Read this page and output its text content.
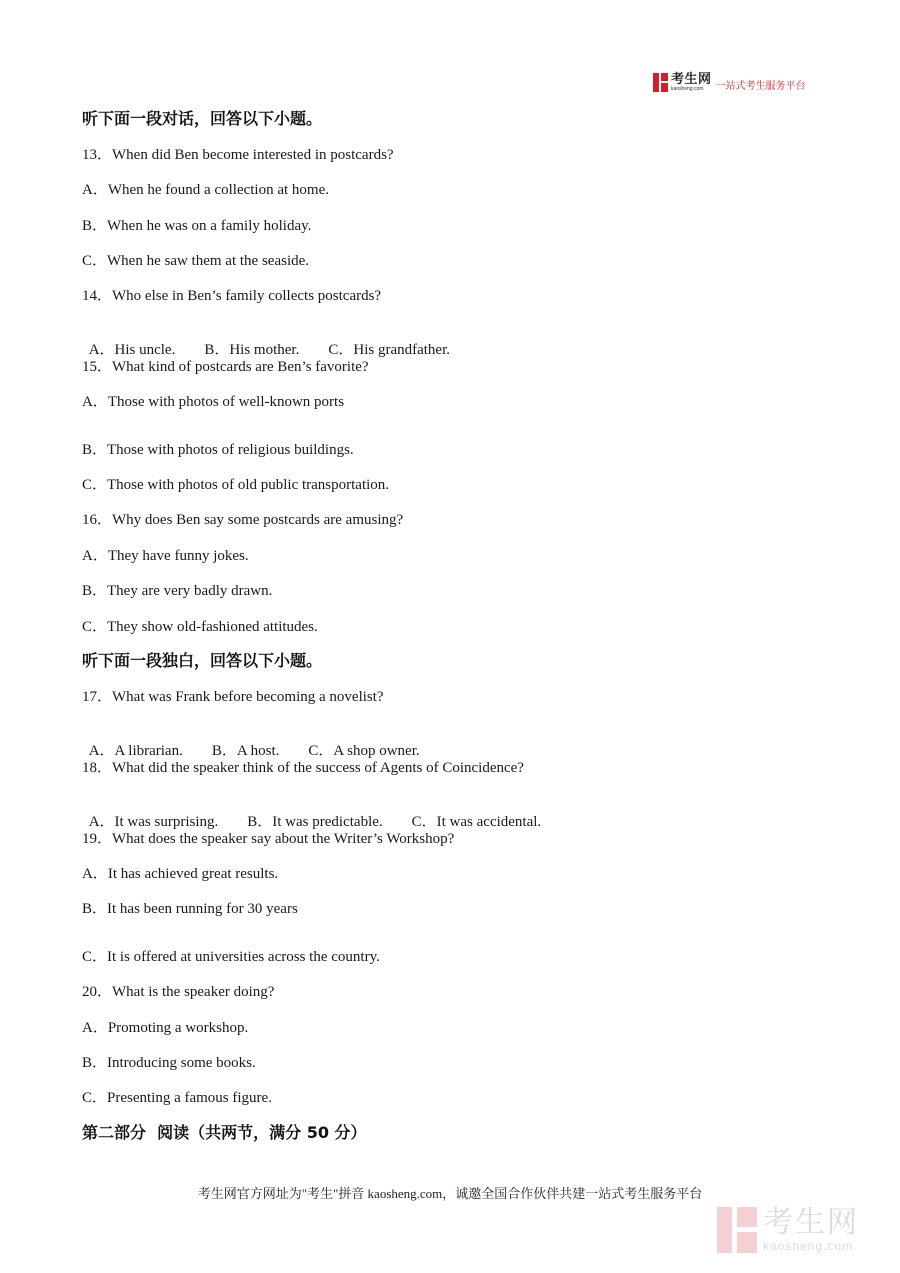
考生网
kaosheng.com	一站式考生服务平台
听下面一段对话，回答以下小题。
13．When did Ben become interested in postcards?
A．When he found a collection at home.
B．When he was on a family holiday.
C．When he saw them at the seaside.
14．Who else in Ben’s family collects postcards?

A．His uncle. B．His mother. C．His grandfather.

15．What kind of postcards are Ben’s favorite?
A．Those with photos of well-known ports
B．Those with photos of religious buildings.
C．Those with photos of old public transportation.
16．Why does Ben say some postcards are amusing?
A．They have funny jokes.
B．They are very badly drawn.
C．They show old-fashioned attitudes.
听下面一段独白，回答以下小题。
17．What was Frank before becoming a novelist?

A．A librarian. B．A host. C．A shop owner.

18．What did the speaker think of the success of Agents of Coincidence?

A．It was surprising. B．It was predictable. C．It was accidental.

19．What does the speaker say about the Writer’s Workshop?
A．It has achieved great results.
B．It has been running for 30 years
C．It is offered at universities across the country.
20．What is the speaker doing?
A．Promoting a workshop.
B．Introducing some books.
C．Presenting a famous figure.
第二部分  阅读（共两节，满分 50 分）
考生网官方网址为"考生"拼音 kaosheng.com，诚邀全国合作伙伴共建一站式考生服务平台
考生网
kaosheng.com
